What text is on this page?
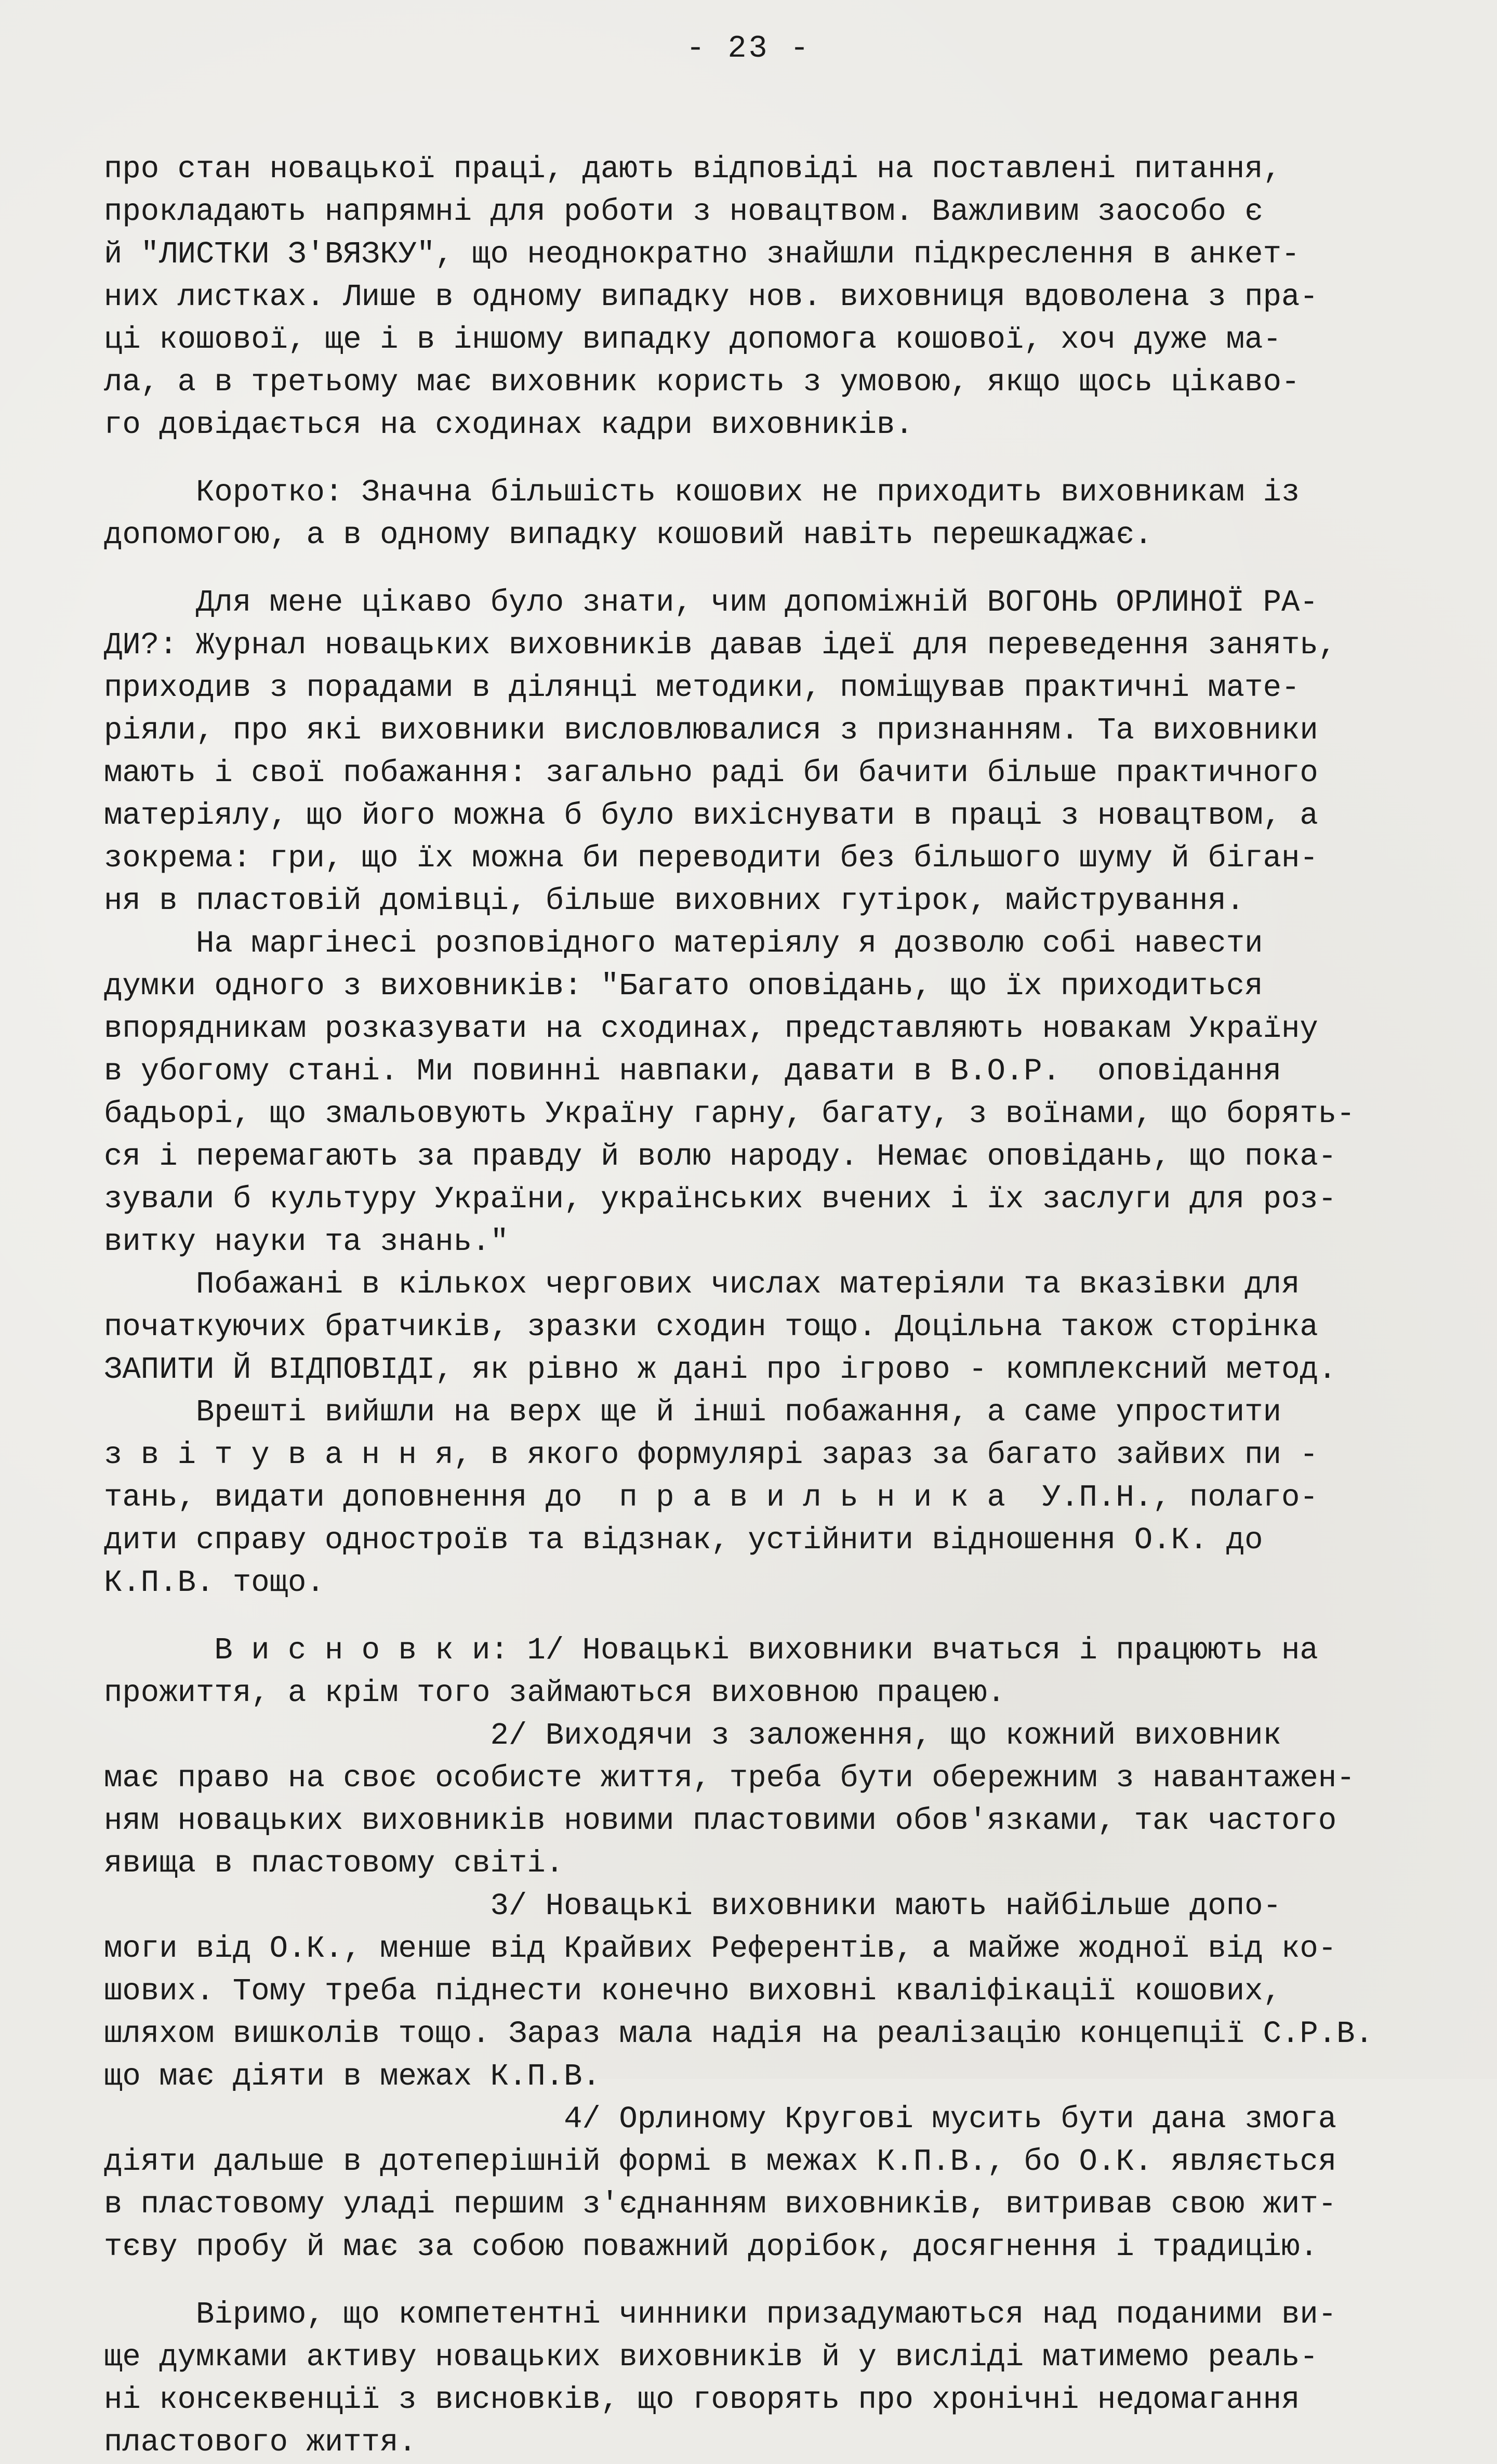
- 23 -
про стан новацької праці, дають відповіді на поставлені питання,
прокладають напрямні для роботи з новацтвом. Важливим заособо є
й "ЛИСТКИ З'ВЯЗКУ", що неоднократно знайшли підкреслення в анкет-
них листках. Лише в одному випадку нов. виховниця вдоволена з пра-
ці кошової, ще і в іншому випадку допомога кошової, хоч дуже ма-
ла, а в третьому має виховник користь з умовою, якщо щось цікаво-
го довідається на сходинах кадри виховників.
Коротко: Значна більшість кошових не приходить виховникам із
допомогою, а в одному випадку кошовий навіть перешкаджає.
Для мене цікаво було знати, чим допоміжній ВОГОНЬ ОРЛИНОЇ РА-
ДИ?: Журнал новацьких виховників давав ідеї для переведення занять,
приходив з порадами в ділянці методики, поміщував практичні мате-
ріяли, про які виховники висловлювалися з признанням. Та виховники
мають і свої побажання: загально раді би бачити більше практичного
матеріялу, що його можна б було вихіснувати в праці з новацтвом, а
зокрема: гри, що їх можна би переводити без більшого шуму й біган-
ня в пластовій домівці, більше виховних гутірок, майстрування.
На маргінесі розповідного матеріялу я дозволю собі навести
думки одного з виховників: "Багато оповідань, що їх приходиться
впорядникам розказувати на сходинах, представляють новакам Україну
в убогому стані. Ми повинні навпаки, давати в В.О.Р.  оповідання
бадьорі, що змальовують Україну гарну, багату, з воїнами, що борять-
ся і перемагають за правду й волю народу. Немає оповідань, що пока-
зували б культуру України, українських вчених і їх заслуги для роз-
витку науки та знань."
Побажані в кількох чергових числах матеріяли та вказівки для
початкуючих братчиків, зразки сходин тощо. Доцільна також сторінка
ЗАПИТИ Й ВІДПОВІДІ, як рівно ж дані про ігрово - комплексний метод.
Врешті вийшли на верх ще й інші побажання, а саме упростити
з в і т у в а н н я, в якого формулярі зараз за багато зайвих пи -
тань, видати доповнення до  п р а в и л ь н и к а  У.П.Н., полаго-
дити справу одностроїв та відзнак, устійнити відношення О.К. до
К.П.В. тощо.
В и с н о в к и: 1/ Новацькі виховники вчаться і працюють на
прожиття, а крім того займаються виховною працею.
2/ Виходячи з заложення, що кожний виховник
має право на своє особисте життя, треба бути обережним з навантажен-
ням новацьких виховників новими пластовими обов'язками, так частого
явища в пластовому світі.
3/ Новацькі виховники мають найбільше допо-
моги від О.К., менше від Крайвих Референтів, а майже жодної від ко-
шових. Тому треба піднести конечно виховні кваліфікації кошових,
шляхом вишколів тощо. Зараз мала надія на реалізацію концепції С.Р.В.
що має діяти в межах К.П.В.
4/ Орлиному Кругові мусить бути дана змога
діяти дальше в дотеперішній формі в межах К.П.В., бо О.К. являється
в пластовому уладі першим з'єднанням виховників, витривав свою жит-
тєву пробу й має за собою поважний дорібок, досягнення і традицію.
Віримо, що компетентні чинники призадумаються над поданими ви-
ще думками активу новацьких виховників й у висліді матимемо реаль-
ні консеквенції з висновків, що говорять про хронічні недомагання
пластового життя.
